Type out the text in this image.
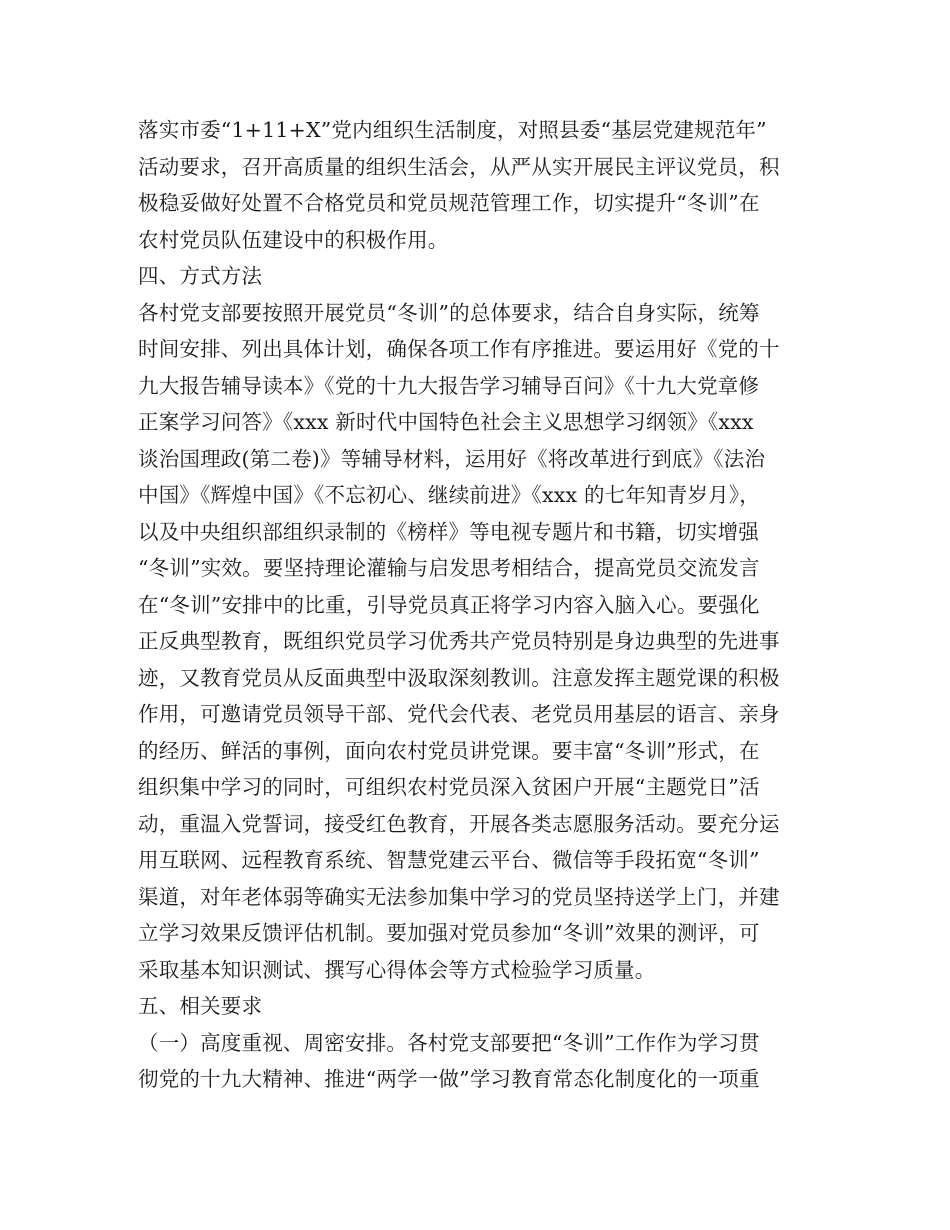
落实市委“1+11+X”党内组织生活制度，对照县委“基层党建规范年”
活动要求，召开高质量的组织生活会，从严从实开展民主评议党员，积
极稳妥做好处置不合格党员和党员规范管理工作，切实提升“冬训”在
农村党员队伍建设中的积极作用。
四、方式方法
各村党支部要按照开展党员“冬训”的总体要求，结合自身实际，统筹
时间安排、列出具体计划，确保各项工作有序推进。要运用好《党的十
九大报告辅导读本》《党的十九大报告学习辅导百问》《十九大党章修
正案学习问答》《xxx 新时代中国特色社会主义思想学习纲领》《xxx
谈治国理政(第二卷)》等辅导材料，运用好《将改革进行到底》《法治
中国》《辉煌中国》《不忘初心、继续前进》《xxx 的七年知青岁月》，
以及中央组织部组织录制的《榜样》等电视专题片和书籍，切实增强
“冬训”实效。要坚持理论灌输与启发思考相结合，提高党员交流发言
在“冬训”安排中的比重，引导党员真正将学习内容入脑入心。要强化
正反典型教育，既组织党员学习优秀共产党员特别是身边典型的先进事
迹，又教育党员从反面典型中汲取深刻教训。注意发挥主题党课的积极
作用，可邀请党员领导干部、党代会代表、老党员用基层的语言、亲身
的经历、鲜活的事例，面向农村党员讲党课。要丰富“冬训”形式，在
组织集中学习的同时，可组织农村党员深入贫困户开展“主题党日”活
动，重温入党誓词，接受红色教育，开展各类志愿服务活动。要充分运
用互联网、远程教育系统、智慧党建云平台、微信等手段拓宽“冬训”
渠道，对年老体弱等确实无法参加集中学习的党员坚持送学上门，并建
立学习效果反馈评估机制。要加强对党员参加“冬训”效果的测评，可
采取基本知识测试、撰写心得体会等方式检验学习质量。
五、相关要求
（一）高度重视、周密安排。各村党支部要把“冬训”工作作为学习贯
彻党的十九大精神、推进“两学一做”学习教育常态化制度化的一项重
